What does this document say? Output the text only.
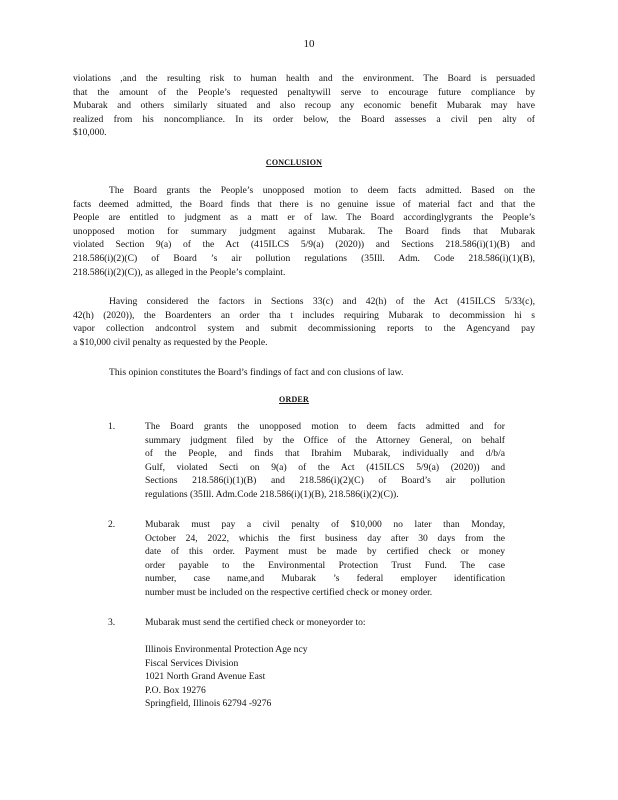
10
violations ,and the resulting risk to human health and the environment. The Board is persuaded
that the amount of the People’s requested penaltywill serve to encourage future compliance by
Mubarak and others similarly situated and also recoup any economic benefit Mubarak may have
realized from his noncompliance. In its order below, the Board assesses a civil pen alty of
$10,000.
CONCLUSION
The Board grants the People’s unopposed motion to deem facts admitted. Based on the
facts deemed admitted, the Board finds that there is no genuine issue of material fact and that the
People are entitled to judgment as a matt er of law. The Board accordinglygrants the People’s
unopposed motion for summary judgment against Mubarak. The Board finds that Mubarak
violated Section 9(a) of the Act (415ILCS 5/9(a) (2020)) and Sections 218.586(i)(1)(B) and
218.586(i)(2)(C) of Board ’s air pollution regulations (35Ill. Adm. Code 218.586(i)(1)(B),
218.586(i)(2)(C)), as alleged in the People’s complaint.
Having considered the factors in Sections 33(c) and 42(h) of the Act (415ILCS 5/33(c),
42(h) (2020)), the Boardenters an order tha t includes requiring Mubarak to decommission hi s
vapor collection andcontrol system and submit decommissioning reports to the Agencyand pay
a $10,000 civil penalty as requested by the People.
This opinion constitutes the Board’s findings of fact and con clusions of law.
ORDER
1.	The Board grants the unopposed motion to deem facts admitted and for
summary judgment filed by the Office of the Attorney General, on behalf
of the People, and finds that Ibrahim Mubarak, individually and d/b/a
Gulf, violated Secti on 9(a) of the Act (415ILCS 5/9(a) (2020)) and
Sections 218.586(i)(1)(B) and 218.586(i)(2)(C) of Board’s air pollution
regulations (35Ill. Adm.Code 218.586(i)(1)(B), 218.586(i)(2)(C)).
2.	Mubarak must pay a civil penalty of $10,000 no later than Monday,
October 24, 2022, whichis the first business day after 30 days from the
date of this order. Payment must be made by certified check or money
order payable to the Environmental Protection Trust Fund. The case
number, case name,and Mubarak ’s federal employer identification
number must be included on the respective certified check or money order.
3.	Mubarak must send the certified check or moneyorder to:
Illinois Environmental Protection Age ncy
Fiscal Services Division
1021 North Grand Avenue East
P.O. Box 19276
Springfield, Illinois 62794 -9276
